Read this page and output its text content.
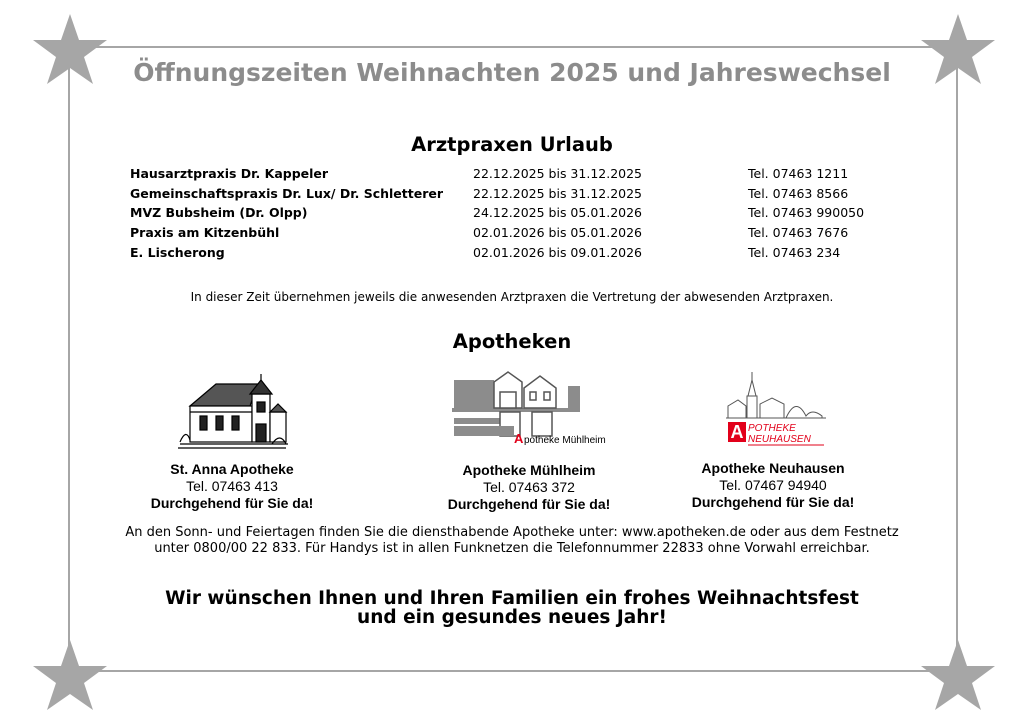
Öffnungszeiten Weihnachten 2025 und Jahreswechsel
Arztpraxen Urlaub
Hausarztpraxis Dr. Kappeler	22.12.2025 bis 31.12.2025	Tel. 07463 1211
Gemeinschaftspraxis Dr. Lux/ Dr. Schletterer 22.12.2025 bis 31.12.2025	Tel. 07463 8566
MVZ Bubsheim (Dr. Olpp)	24.12.2025 bis 05.01.2026	Tel. 07463 990050
Praxis am Kitzenbühl	02.01.2026 bis 05.01.2026	Tel. 07463 7676
E. Lischerong	02.01.2026 bis 09.01.2026	Tel. 07463 234
In dieser Zeit übernehmen jeweils die anwesenden Arztpraxen die Vertretung der abwesenden Arztpraxen.
Apotheken
A potheke Mühlheim	A POTHEKE
NEUHAUSEN
St. Anna Apotheke
Tel. 07463 413
Durchgehend für Sie da!
Apotheke Mühlheim
Tel. 07463 372
Durchgehend für Sie da!
Apotheke Neuhausen
Tel. 07467 94940
Durchgehend für Sie da!
An den Sonn- und Feiertagen finden Sie die diensthabende Apotheke unter: www.apotheken.de oder aus dem Festnetz
unter 0800/00 22 833. Für Handys ist in allen Funknetzen die Telefonnummer 22833 ohne Vorwahl erreichbar.
Wir wünschen Ihnen und Ihren Familien ein frohes Weihnachtsfest
und ein gesundes neues Jahr!
